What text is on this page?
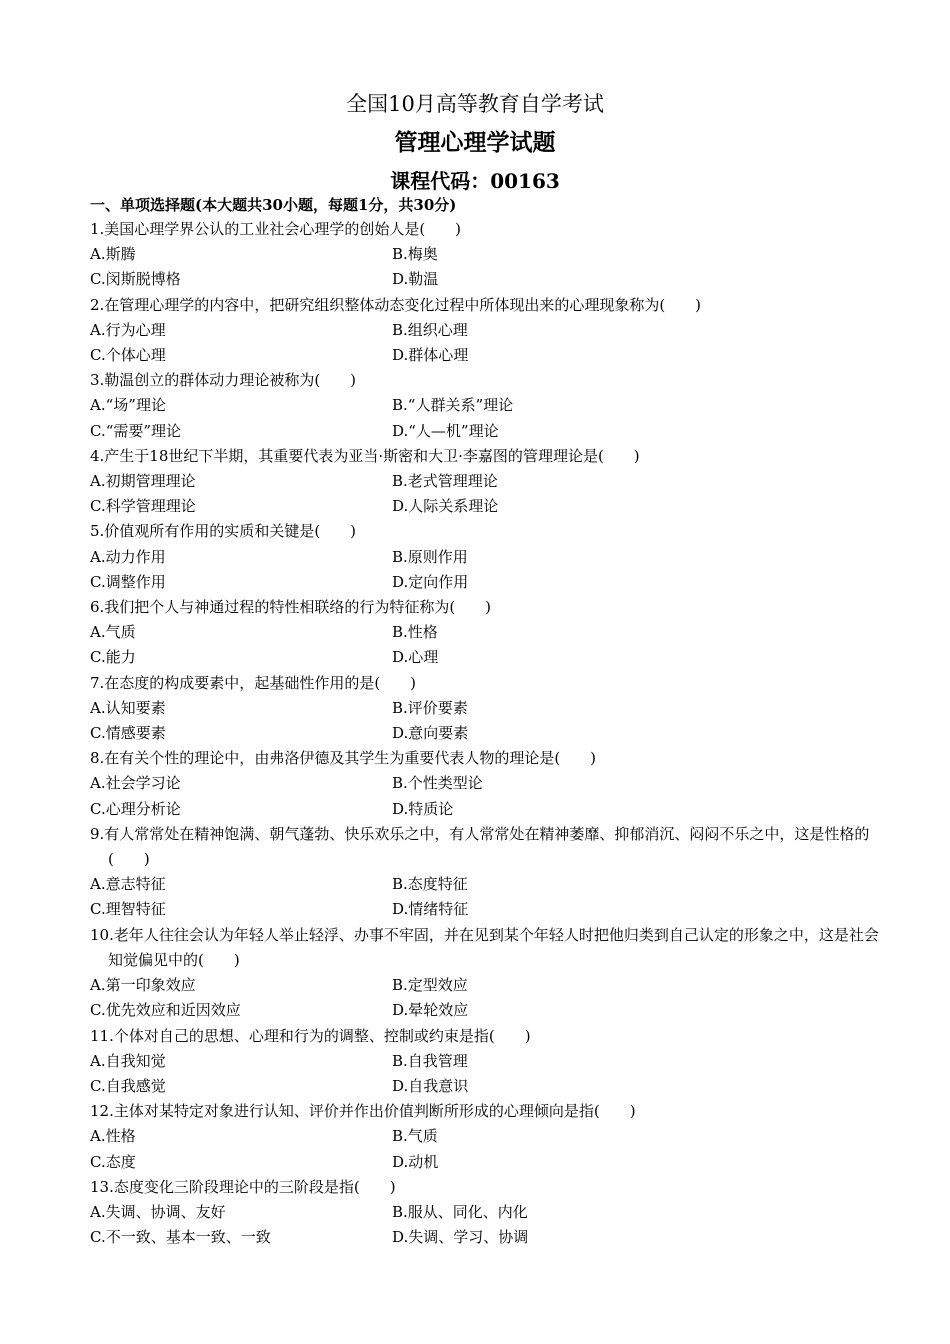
全国10月高等教育自学考试
管理心理学试题
课程代码：00163
一、单项选择题(本大题共30小题，每题1分，共30分)
1.美国心理学界公认的工业社会心理学的创始人是(　　)
A.斯腾	B.梅奥
C.闵斯脱博格	D.勒温
2.在管理心理学的内容中，把研究组织整体动态变化过程中所体现出来的心理现象称为(　　)
A.行为心理	B.组织心理
C.个体心理	D.群体心理
3.勒温创立的群体动力理论被称为(　　)
A.“场”理论	B.“人群关系”理论
C.“需要”理论	D.“人—机”理论
4.产生于18世纪下半期，其重要代表为亚当·斯密和大卫·李嘉图的管理理论是(　　)
A.初期管理理论	B.老式管理理论
C.科学管理理论	D.人际关系理论
5.价值观所有作用的实质和关键是(　　)
A.动力作用	B.原则作用
C.调整作用	D.定向作用
6.我们把个人与神通过程的特性相联络的行为特征称为(　　)
A.气质	B.性格
C.能力	D.心理
7.在态度的构成要素中，起基础性作用的是(　　)
A.认知要素	B.评价要素
C.情感要素	D.意向要素
8.在有关个性的理论中，由弗洛伊德及其学生为重要代表人物的理论是(　　)
A.社会学习论	B.个性类型论
C.心理分析论	D.特质论
9.有人常常处在精神饱满、朝气蓬勃、快乐欢乐之中，有人常常处在精神萎靡、抑郁消沉、闷闷不乐之中，这是性格的(　　)
A.意志特征	B.态度特征
C.理智特征	D.情绪特征
10.老年人往往会认为年轻人举止轻浮、办事不牢固，并在见到某个年轻人时把他归类到自己认定的形象之中，这是社会知觉偏见中的(　　)
A.第一印象效应	B.定型效应
C.优先效应和近因效应	D.晕轮效应
11.个体对自己的思想、心理和行为的调整、控制或约束是指(　　)
A.自我知觉	B.自我管理
C.自我感觉	D.自我意识
12.主体对某特定对象进行认知、评价并作出价值判断所形成的心理倾向是指(　　)
A.性格	B.气质
C.态度	D.动机
13.态度变化三阶段理论中的三阶段是指(　　)
A.失调、协调、友好	B.服从、同化、内化
C.不一致、基本一致、一致	D.失调、学习、协调
